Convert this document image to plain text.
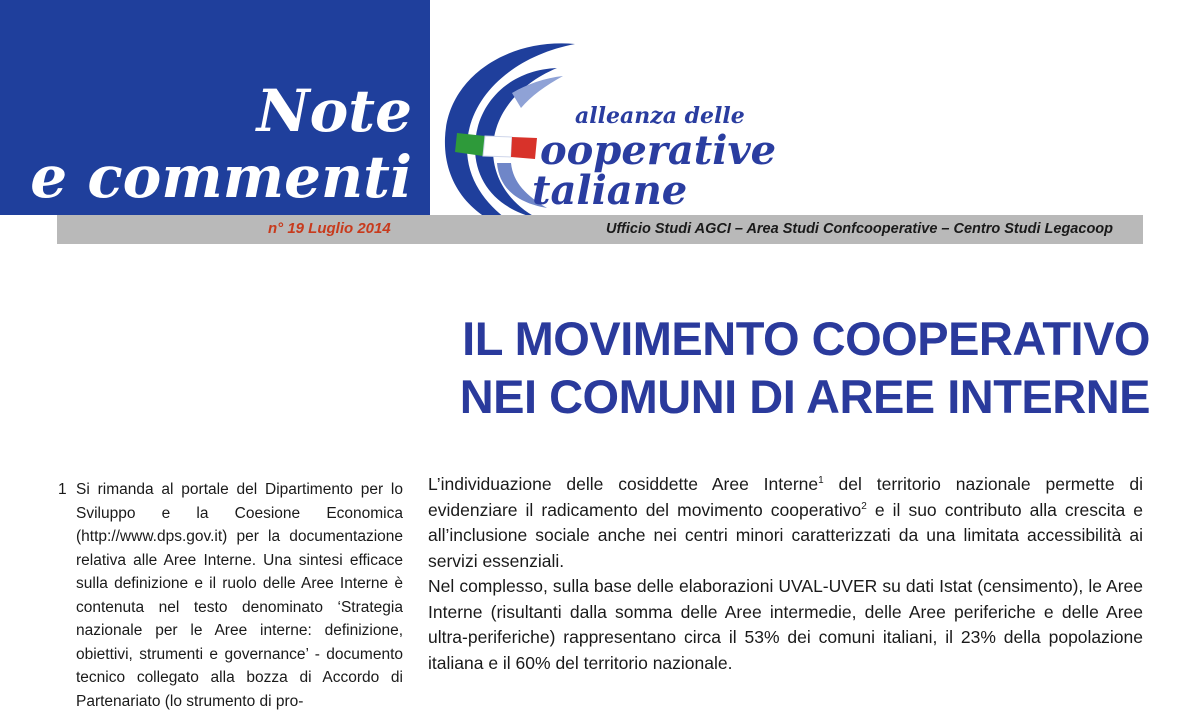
Note
e commenti
alleanza delle
ooperative
taliane
n° 19 Luglio 2014	Ufficio Studi AGCI – Area Studi Confcooperative – Centro Studi Legacoop
IL MOVIMENTO COOPERATIVO
NEI COMUNI DI AREE INTERNE
1 Si rimanda al portale del Dipartimento per lo Sviluppo e la Coesione Economica (http://www.dps.gov.it) per la documentazione relativa alle Aree Interne. Una sintesi efficace sulla definizione e il ruolo delle Aree Interne è contenuta nel testo denominato ‘Strategia nazionale per le Aree interne: definizione, obiettivi, strumenti e governance’ - documento tecnico collegato alla bozza di Accordo di Partenariato (lo strumento di pro-

L’individuazione delle cosiddette Aree Interne$^1$ del territorio nazionale permette di evidenziare il radicamento del movimento cooperativo$^2$ e il suo contributo alla crescita e all’inclusione sociale anche nei centri minori caratterizzati da una limitata accessibilità ai servizi essenziali.

Nel complesso, sulla base delle elaborazioni UVAL-UVER su dati Istat (censimento), le Aree Interne (risultanti dalla somma delle Aree intermedie, delle Aree periferiche e delle Aree ultra-periferiche) rappresentano circa il 53% dei comuni italiani, il 23% della popolazione italiana e il 60% del territorio nazionale.
